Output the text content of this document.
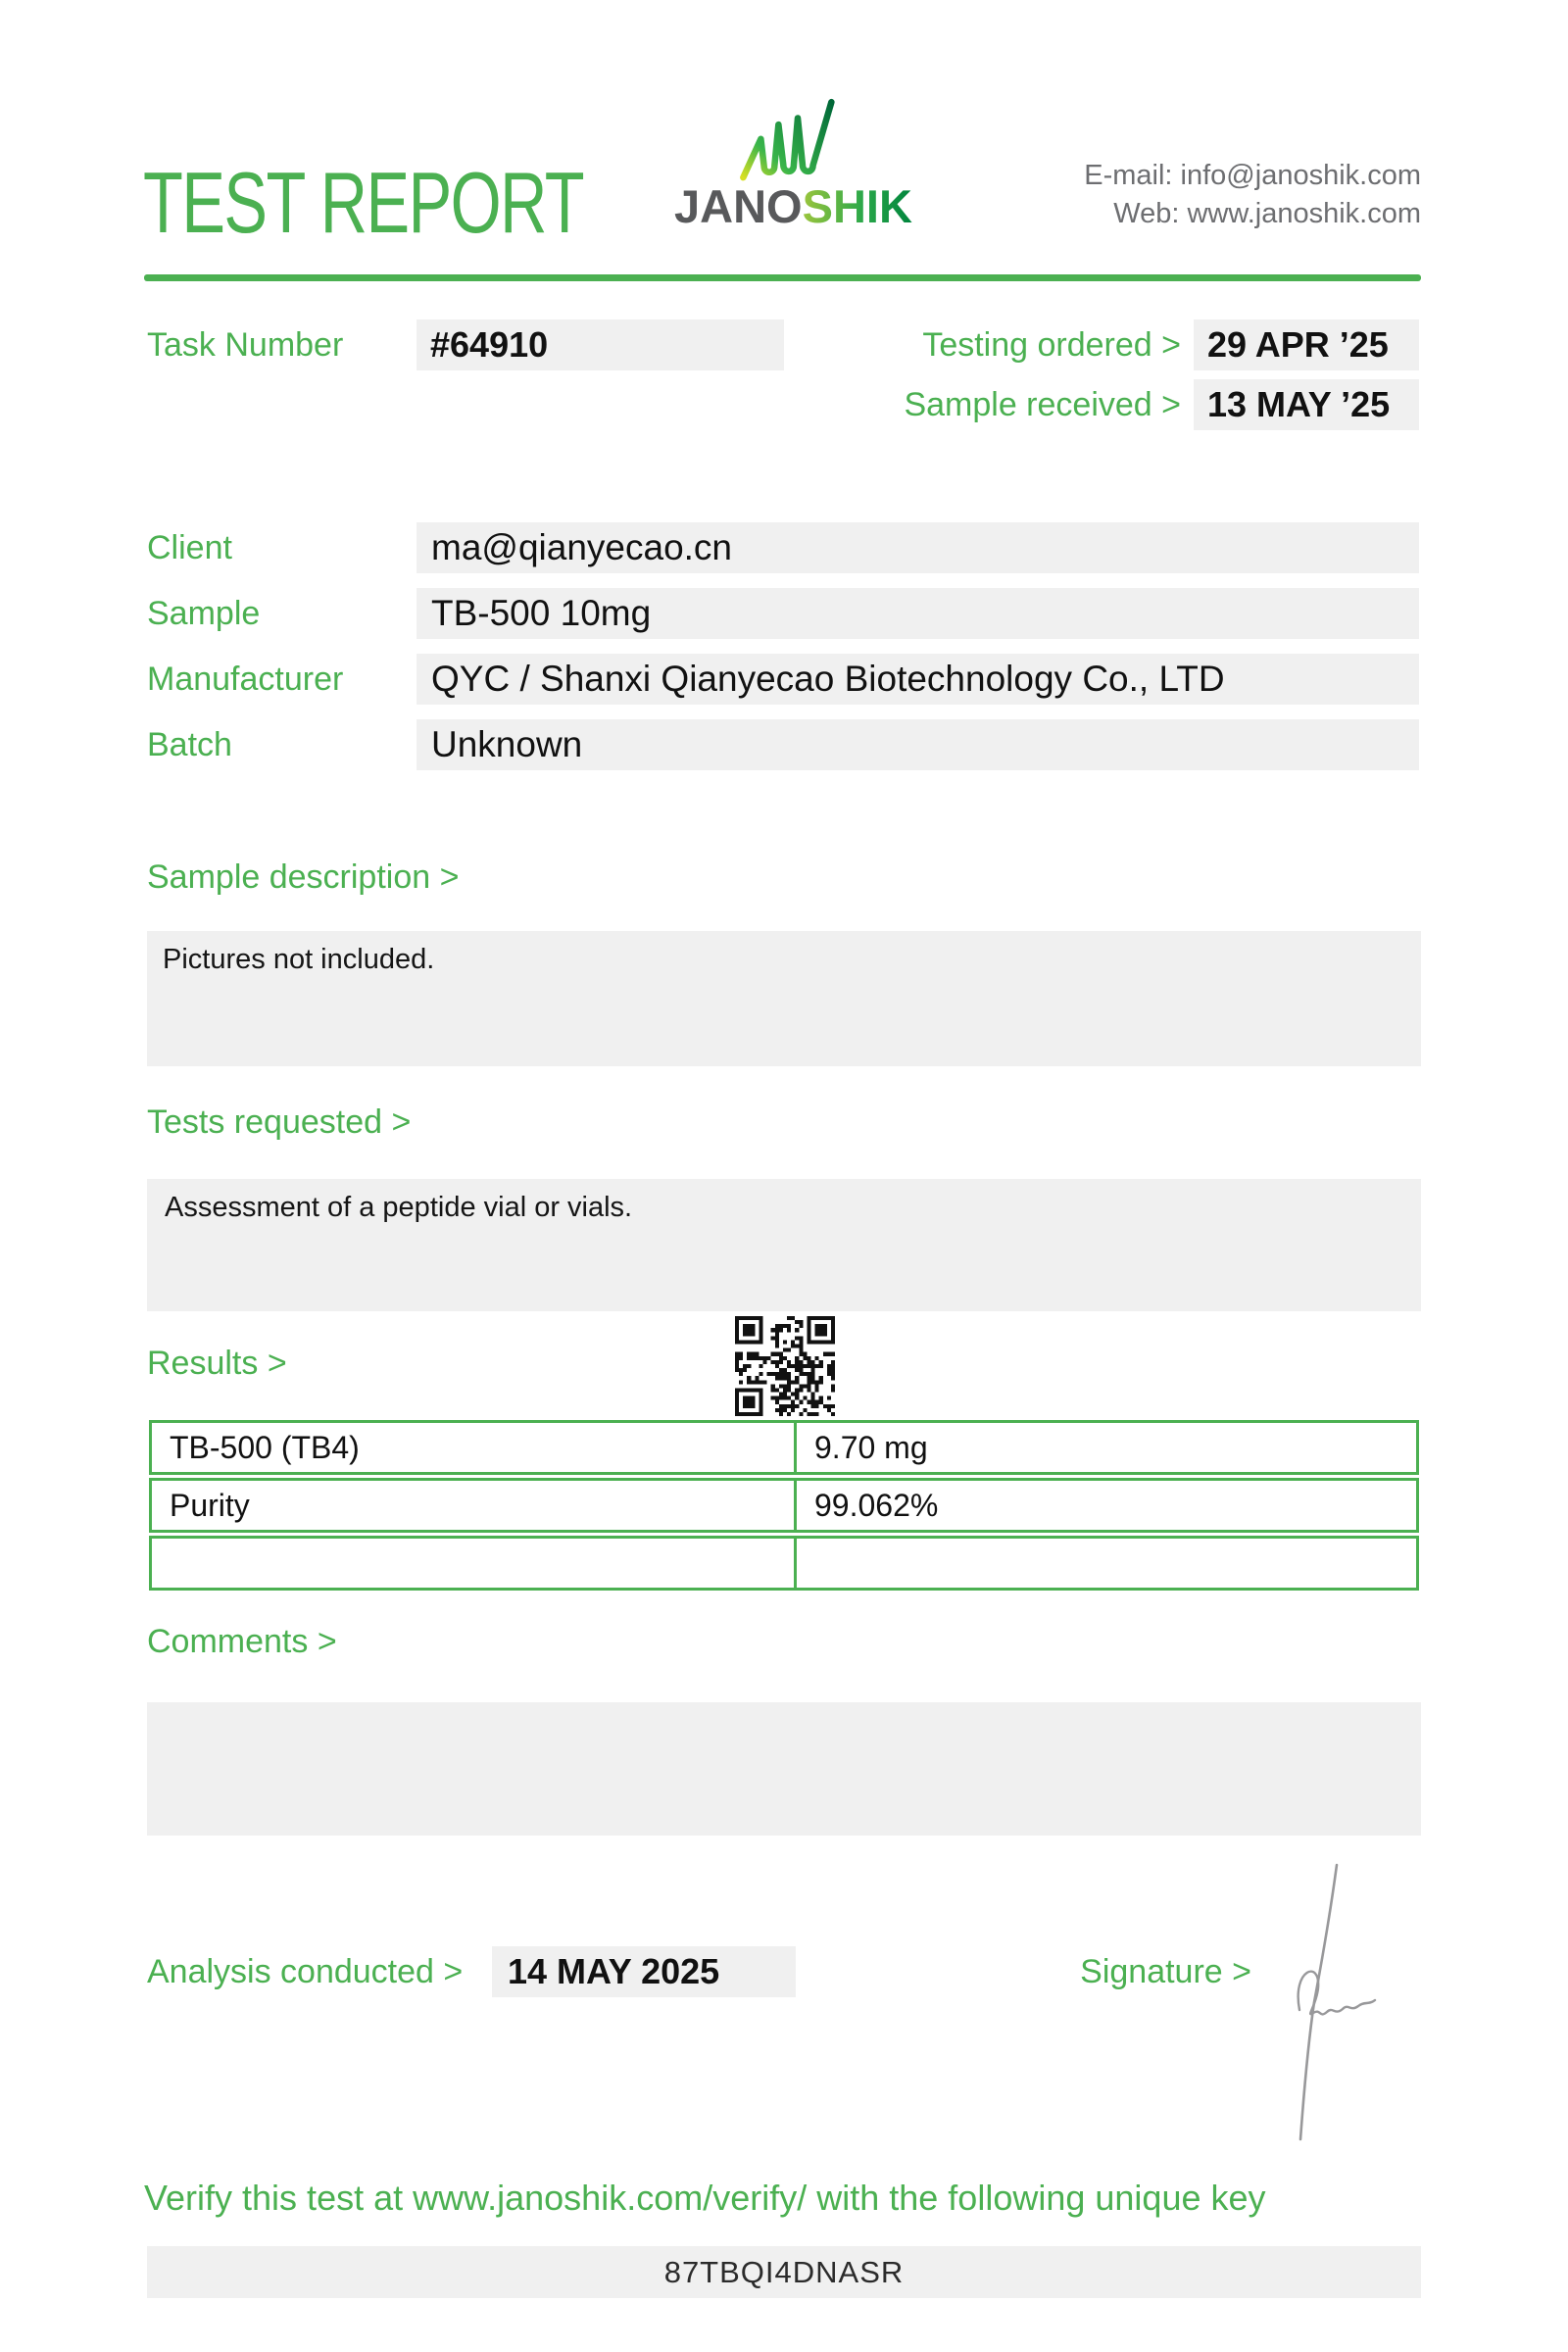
TEST REPORT JANOSHIK
E-mail: info@janoshik.com
Web: www.janoshik.com
Task Number	#64910	Testing ordered > 29 APR ’25
Sample received > 13 MAY ’25
Client	ma@qianyecao.cn
Sample	TB-500 10mg
Manufacturer	QYC / Shanxi Qianyecao Biotechnology Co., LTD
Batch	Unknown
Sample description >
Pictures not included.
Tests requested >
Assessment of a peptide vial or vials.
Results >
TB-500 (TB4)	9.70 mg
Purity	99.062%
Comments >
Analysis conducted >	14 MAY 2025	Signature >
Verify this test at www.janoshik.com/verify/ with the following unique key
87TBQI4DNASR
